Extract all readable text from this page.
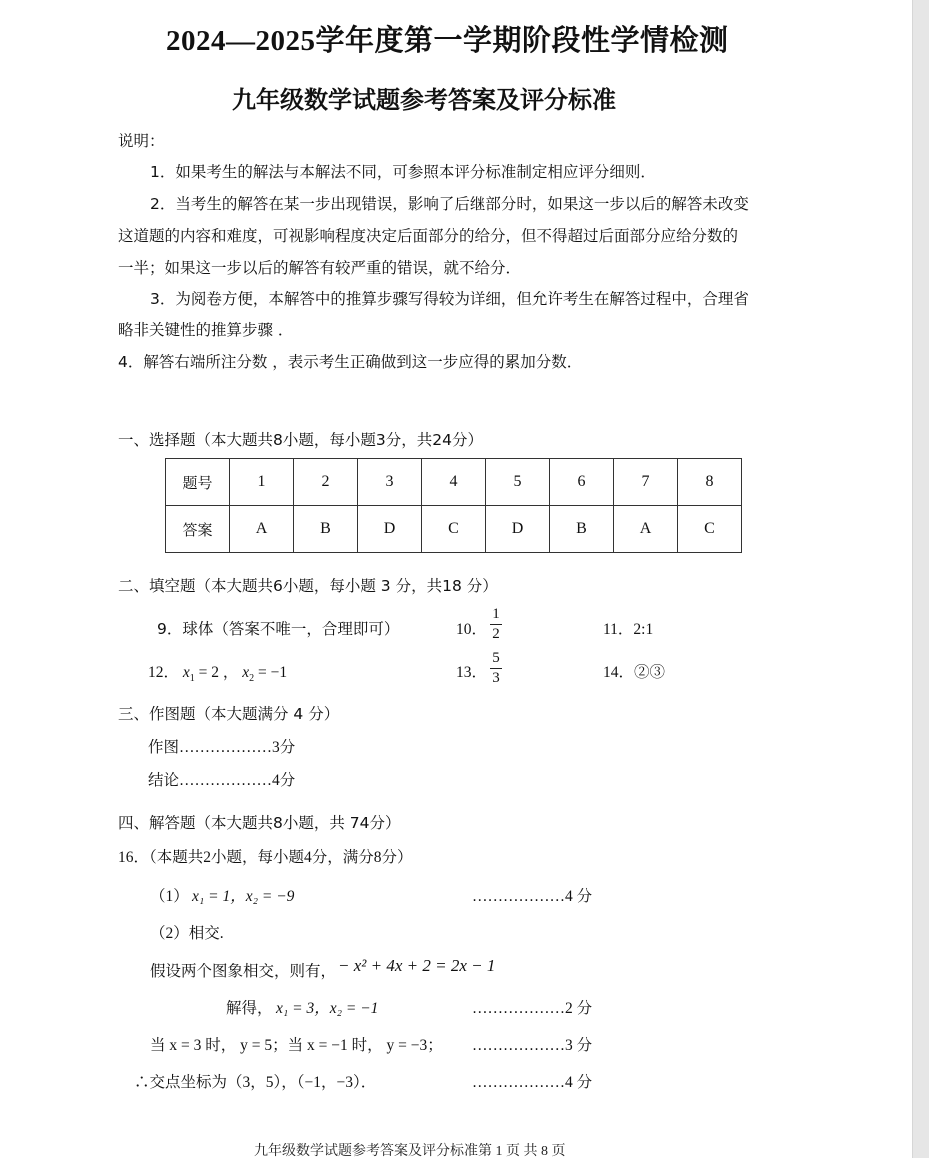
2024—2025学年度第一学期阶段性学情检测
九年级数学试题参考答案及评分标准
说明：
1．如果考生的解法与本解法不同，可参照本评分标准制定相应评分细则．
2．当考生的解答在某一步出现错误，影响了后继部分时，如果这一步以后的解答未改变
这道题的内容和难度，可视影响程度决定后面部分的给分，但不得超过后面部分应给分数的
一半；如果这一步以后的解答有较严重的错误，就不给分．
3．为阅卷方便，本解答中的推算步骤写得较为详细，但允许考生在解答过程中，合理省
略非关键性的推算步骤 ．
4．解答右端所注分数 ，表示考生正确做到这一步应得的累加分数．
一、选择题（本大题共8小题，每小题3分，共24分）
题号	1	2	3	4	5	6	7	8
答案	A	B	D	C	D	B	A	C
二、填空题（本大题共6小题，每小题 3 分，共18 分）
9．球体（答案不唯一，合理即可）	10．
1
2	11．2:1
12． $x_1 = 2$ ， $x_2 = -1$	13．
5
3	14．②③
三、作图题（本大题满分 4 分）
作图………………3分
结论………………4分
四、解答题（本大题共8小题，共 74分）
16．（本题共2小题，每小题4分，满分8分）
（1） x₁ = 1，x₂ = −9	………………4 分
（2）相交.
假设两个图象相交，则有， − x² + 4x + 2 = 2x − 1
解得， x₁ = 3，x₂ = −1	………………2 分
当 x = 3 时， y = 5；当 x = −1 时， y = −3； ………………3 分
∴交点坐标为（3，5），（−1，−3）．	………………4 分
九年级数学试题参考答案及评分标准第 1 页 共 8 页
